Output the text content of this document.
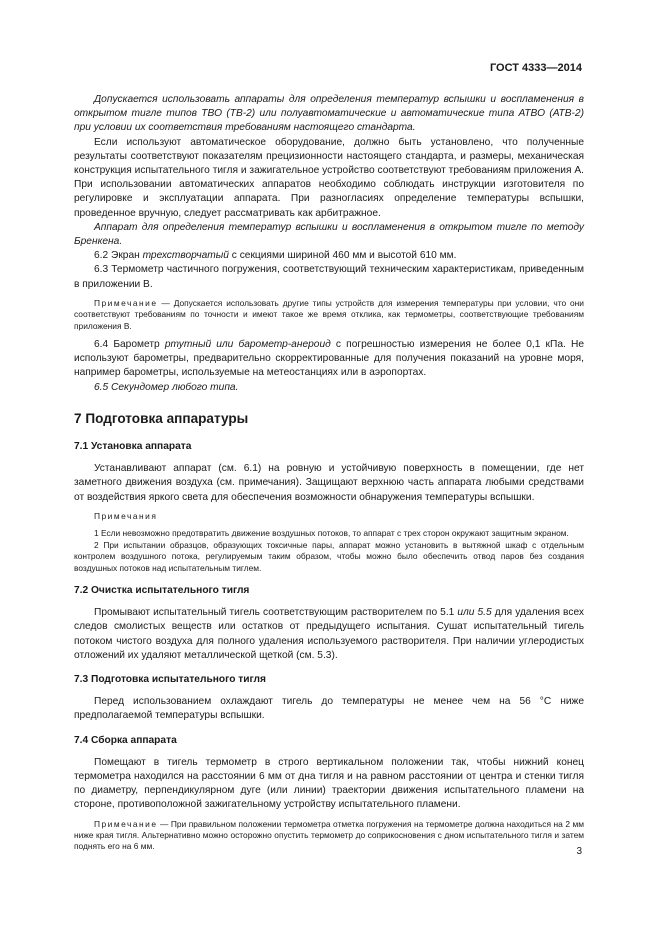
ГОСТ 4333—2014

Допускается использовать аппараты для определения температур вспышки и воспламенения в открытом тигле типов ТВО (ТВ-2) или полуавтоматические и автоматические типа АТВО (АТВ-2) при условии их соответствия требованиям настоящего стандарта.

Если используют автоматическое оборудование, должно быть установлено, что полученные результаты соответствуют показателям прецизионности настоящего стандарта, и размеры, механическая конструкция испытательного тигля и зажигательное устройство соответствуют требованиям приложения А. При использовании автоматических аппаратов необходимо соблюдать инструкции изготовителя по регулировке и эксплуатации аппарата. При разногласиях определение температуры вспышки, проведенное вручную, следует рассматривать как арбитражное.

Аппарат для определения температур вспышки и воспламенения в открытом тигле по методу Бренкена.

6.2 Экран трехстворчатый с секциями шириной 460 мм и высотой 610 мм.

6.3 Термометр частичного погружения, соответствующий техническим характеристикам, приведенным в приложении В.

Примечание — Допускается использовать другие типы устройств для измерения температуры при условии, что они соответствуют требованиям по точности и имеют такое же время отклика, как термометры, соответствующие требованиям приложения В.

6.4 Барометр ртутный или барометр-анероид с погрешностью измерения не более 0,1 кПа. Не используют барометры, предварительно скорректированные для получения показаний на уровне моря, например барометры, используемые на метеостанциях или в аэропортах.

6.5 Секундомер любого типа.

7 Подготовка аппаратуры
7.1 Установка аппарата

Устанавливают аппарат (см. 6.1) на ровную и устойчивую поверхность в помещении, где нет заметного движения воздуха (см. примечания). Защищают верхнюю часть аппарата любыми средствами от воздействия яркого света для обеспечения возможности обнаружения температуры вспышки.

Примечания

1 Если невозможно предотвратить движение воздушных потоков, то аппарат с трех сторон окружают защитным экраном.

2 При испытании образцов, образующих токсичные пары, аппарат можно установить в вытяжной шкаф с отдельным контролем воздушного потока, регулируемым таким образом, чтобы можно было обеспечить отвод паров без создания воздушных потоков над испытательным тиглем.

7.2 Очистка испытательного тигля

Промывают испытательный тигель соответствующим растворителем по 5.1 или 5.5 для удаления всех следов смолистых веществ или остатков от предыдущего испытания. Сушат испытательный тигель потоком чистого воздуха для полного удаления используемого растворителя. При наличии углеродистых отложений их удаляют металлической щеткой (см. 5.3).

7.3 Подготовка испытательного тигля

Перед использованием охлаждают тигель до температуры не менее чем на 56 °С ниже предполагаемой температуры вспышки.

7.4 Сборка аппарата

Помещают в тигель термометр в строго вертикальном положении так, чтобы нижний конец термометра находился на расстоянии 6 мм от дна тигля и на равном расстоянии от центра и стенки тигля по диаметру, перпендикулярном дуге (или линии) траектории движения испытательного пламени на стороне, противоположной зажигательному устройству испытательного пламени.

Примечание — При правильном положении термометра отметка погружения на термометре должна находиться на 2 мм ниже края тигля. Альтернативно можно осторожно опустить термометр до соприкосновения с дном испытательного тигля и затем поднять его на 6 мм.	3
